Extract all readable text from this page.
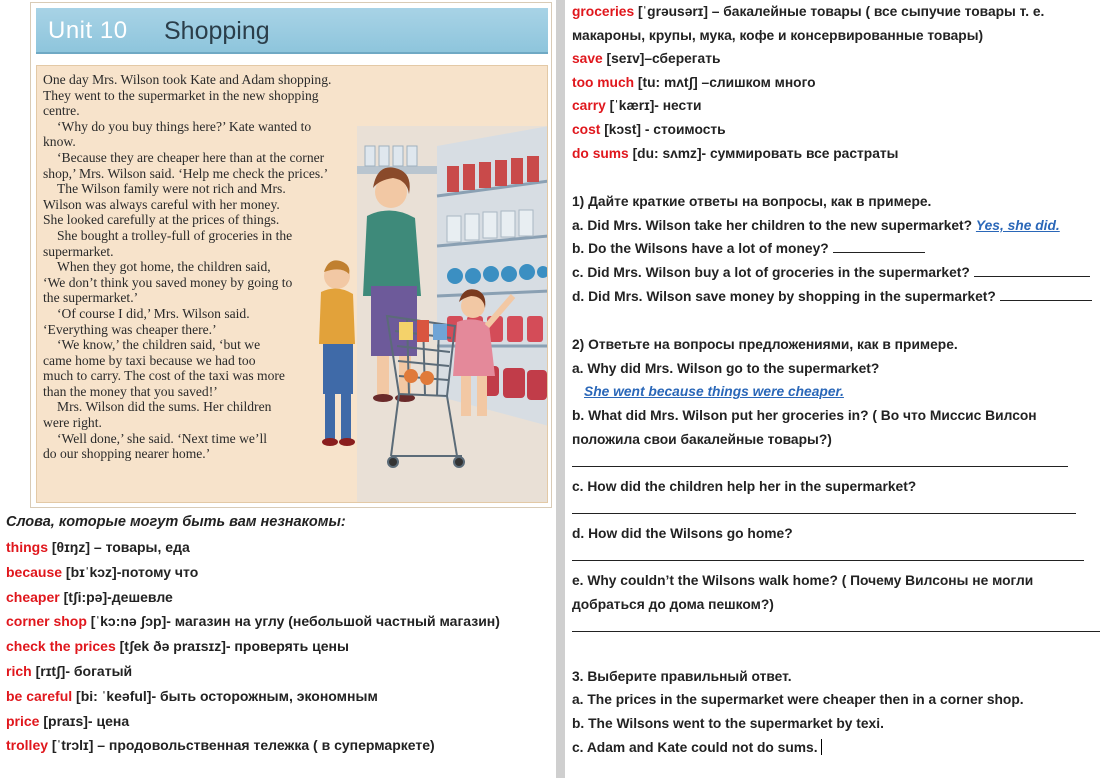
Unit 10 Shopping

One day Mrs. Wilson took Kate and Adam shopping. They went to the supermarket in the new shopping centre.

‘Why do you buy things here?’ Kate wanted to know.

‘Because they are cheaper here than at the corner shop,’ Mrs. Wilson said. ‘Help me check the prices.’

The Wilson family were not rich and Mrs. Wilson was always careful with her money. She looked carefully at the prices of things.

She bought a trolley-full of groceries in the supermarket.

When they got home, the children said, ‘We don’t think you saved money by going to the supermarket.’

‘Of course I did,’ Mrs. Wilson said. ‘Everything was cheaper there.’

‘We know,’ the children said, ‘but we came home by taxi because we had too much to carry. The cost of the taxi was more than the money that you saved!’

Mrs. Wilson did the sums. Her children were right.

‘Well done,’ she said. ‘Next time we’ll do our shopping nearer home.’

Слова, которые могут быть вам незнакомы:
things [θɪŋz] – товары, еда
because [bɪˈkɔz]-потому что
cheaper [tʃi:pə]-дешевле
corner shop [ˈkɔ:nə ʃɔp]- магазин на углу (небольшой частный магазин)
check the prices [tʃek ðə praɪsɪz]- проверять цены
rich [rɪtʃ]- богатый
be careful [bi: ˈkeəful]- быть осторожным, экономным
price [praɪs]- цена
trolley [ˈtrɔlɪ] – продовольственная тележка ( в супермаркете)
groceries [ˈgrəusərɪ] – бакалейные товары ( все сыпучие товары т. е.
макароны, крупы, мука, кофе и консервированные товары)
save [seɪv]–сберегать
too much [tu: mʌtʃ] –слишком много
carry [ˈkærɪ]- нести
cost [kɔst] - стоимость
do sums [du: sʌmz]- суммировать все растраты
1) Дайте краткие ответы на вопросы, как в примере.
a. Did Mrs. Wilson take her children to the new supermarket? Yes, she did.
b. Do the Wilsons have a lot of money?
c. Did Mrs. Wilson buy a lot of groceries in the supermarket?
d. Did Mrs. Wilson save money by shopping in the supermarket?
2) Ответьте на вопросы предложениями, как в примере.
a. Why did Mrs. Wilson go to the supermarket?
She went because things were cheaper.
b. What did Mrs. Wilson put her groceries in? ( Во что Миссис Вилсон
положила свои бакалейные товары?)
c. How did the children help her in the supermarket?
d. How did the Wilsons go home?
e. Why couldn’t the Wilsons walk home? ( Почему Вилсоны не могли
добраться до дома пешком?)
3. Выберите правильный ответ.
a. The prices in the supermarket were cheaper then in a corner shop.
b. The Wilsons went to the supermarket by texi.
c. Adam and Kate could not do sums.
